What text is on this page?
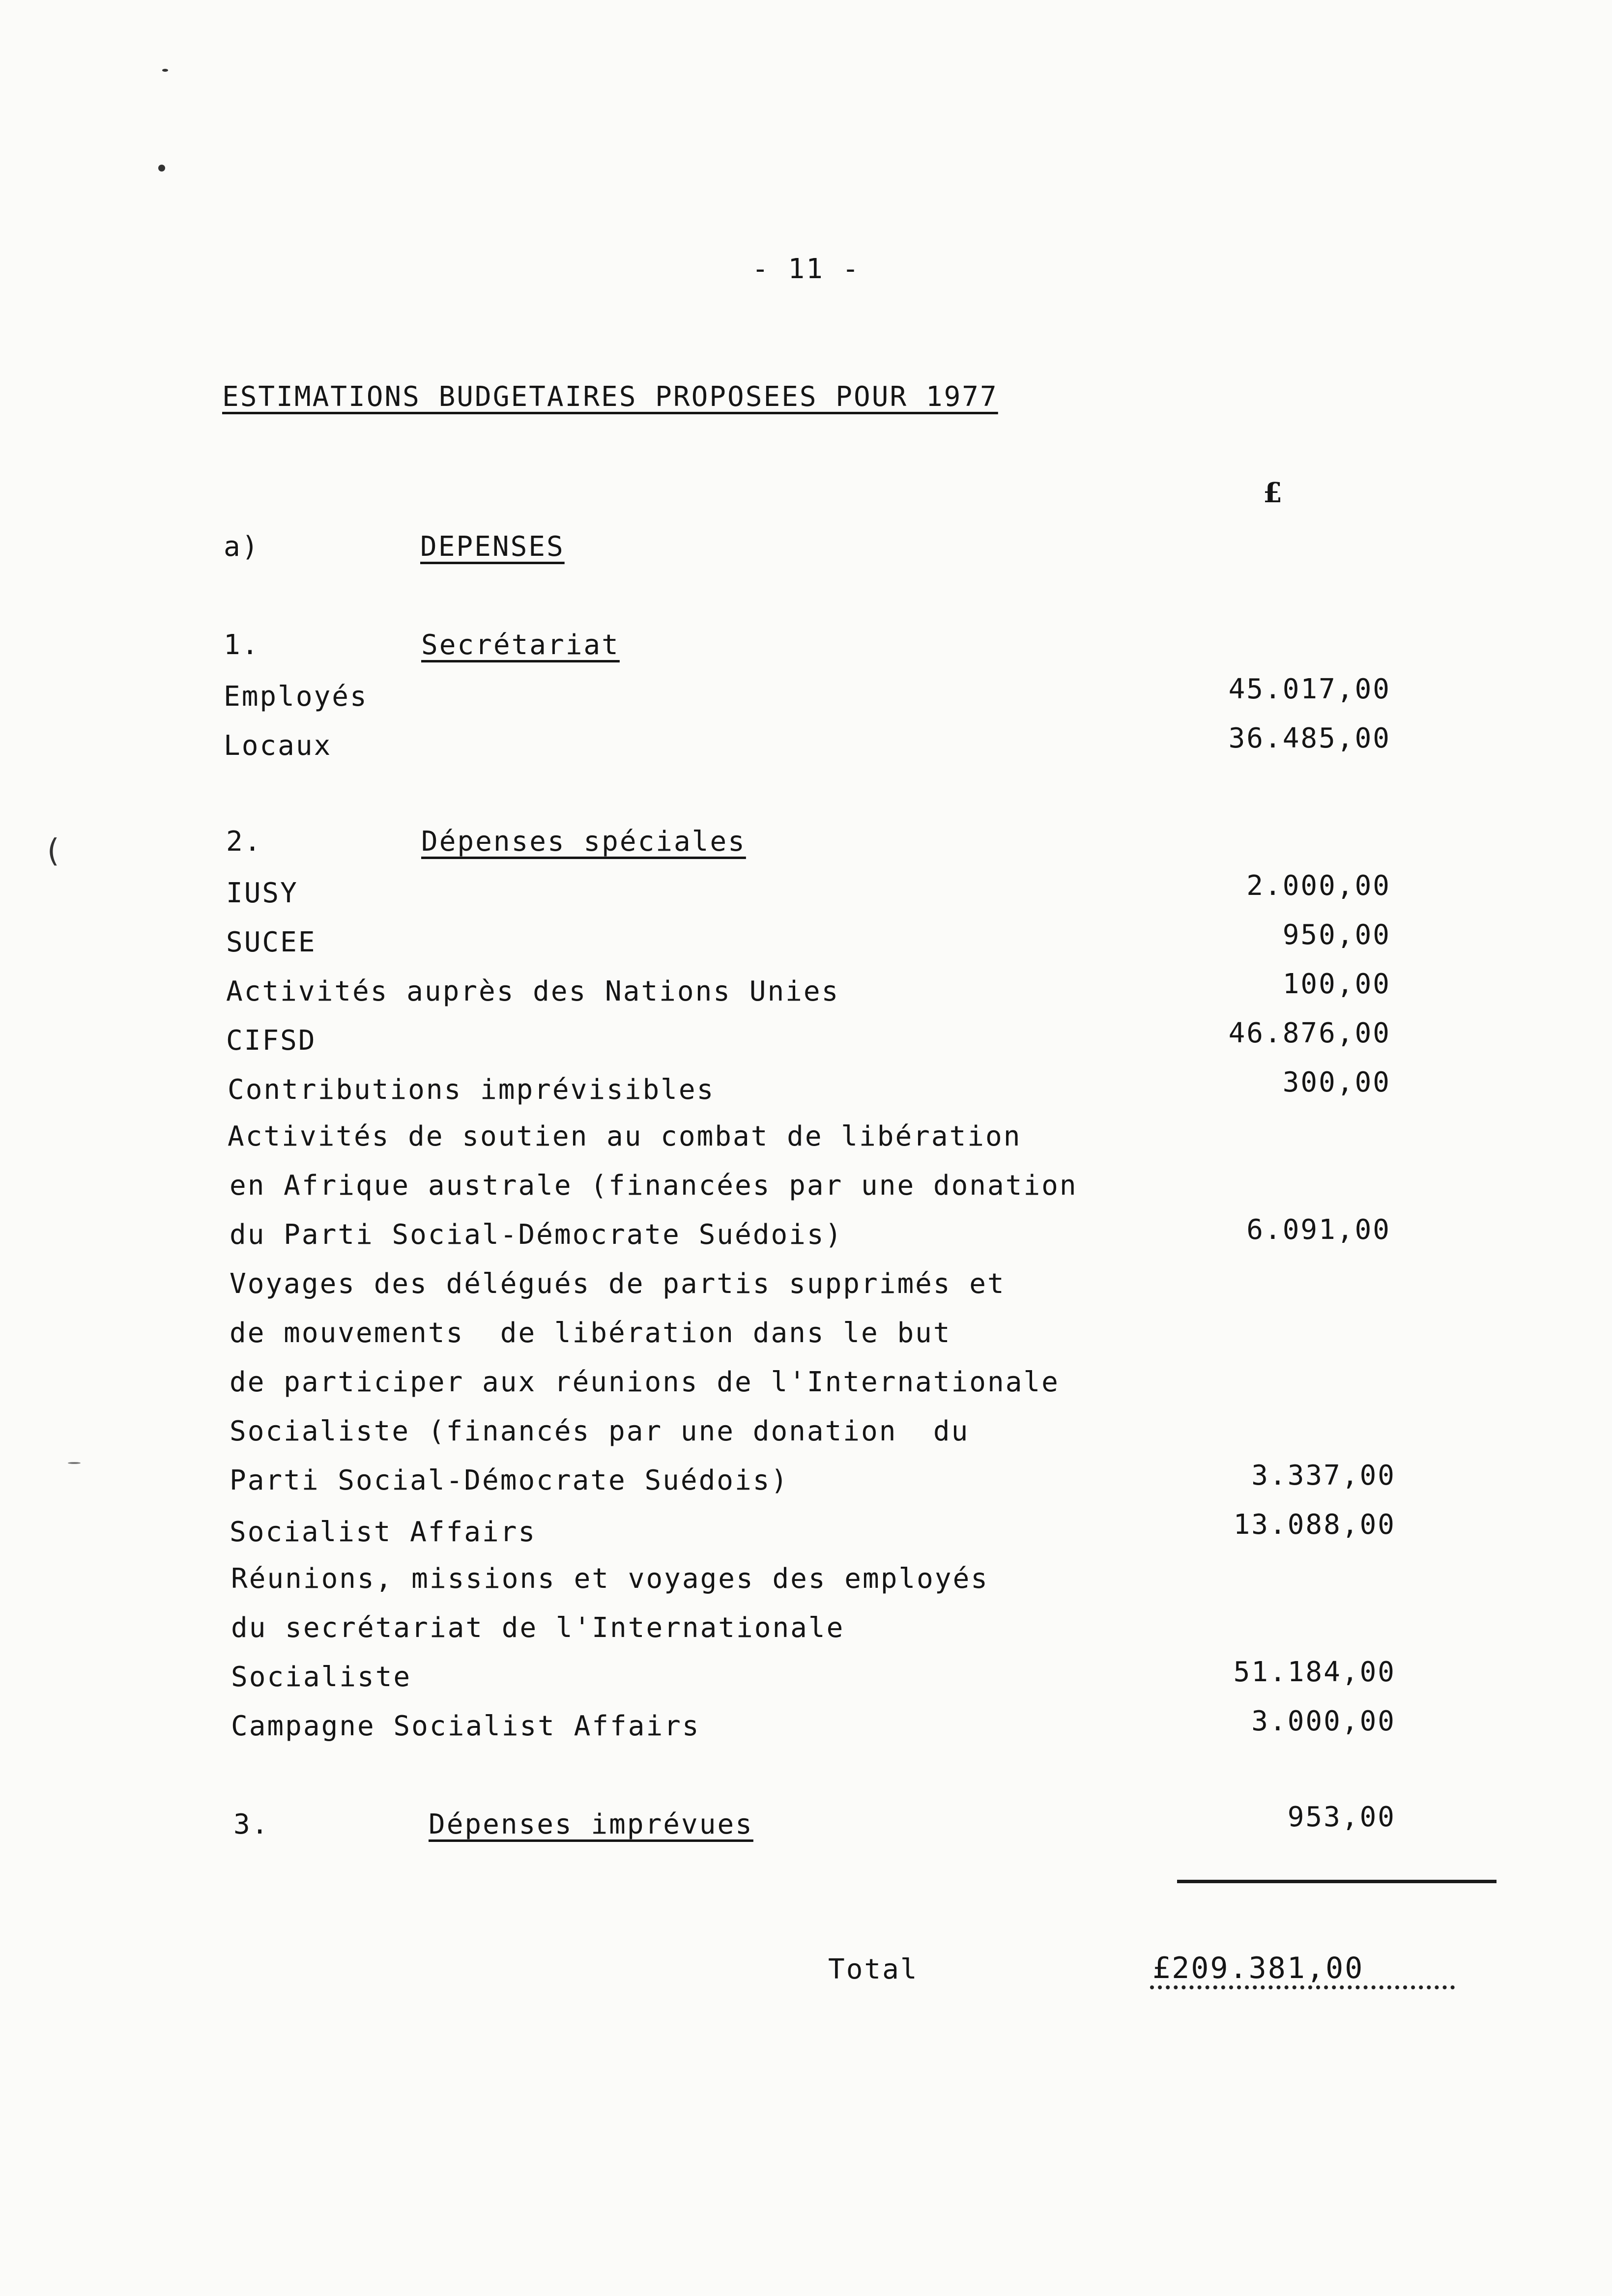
(
- 11 -
ESTIMATIONS BUDGETAIRES PROPOSEES POUR 1977
£
a)	DEPENSES
1.	Secrétariat
Employés	45.017,00
Locaux	36.485,00
2.	Dépenses spéciales
IUSY	2.000,00
SUCEE	950,00
Activités auprès des Nations Unies	100,00
CIFSD	46.876,00
Contributions imprévisibles	300,00
Activités de soutien au combat de libération
en Afrique australe (financées par une donation
du Parti Social-Démocrate Suédois)	6.091,00
Voyages des délégués de partis supprimés et
de mouvements  de libération dans le but
de participer aux réunions de l'Internationale
Socialiste (financés par une donation  du
Parti Social-Démocrate Suédois)	3.337,00
Socialist Affairs	13.088,00
Réunions, missions et voyages des employés
du secrétariat de l'Internationale
Socialiste	51.184,00
Campagne Socialist Affairs	3.000,00
3.	Dépenses imprévues	953,00
Total	£209.381,00
